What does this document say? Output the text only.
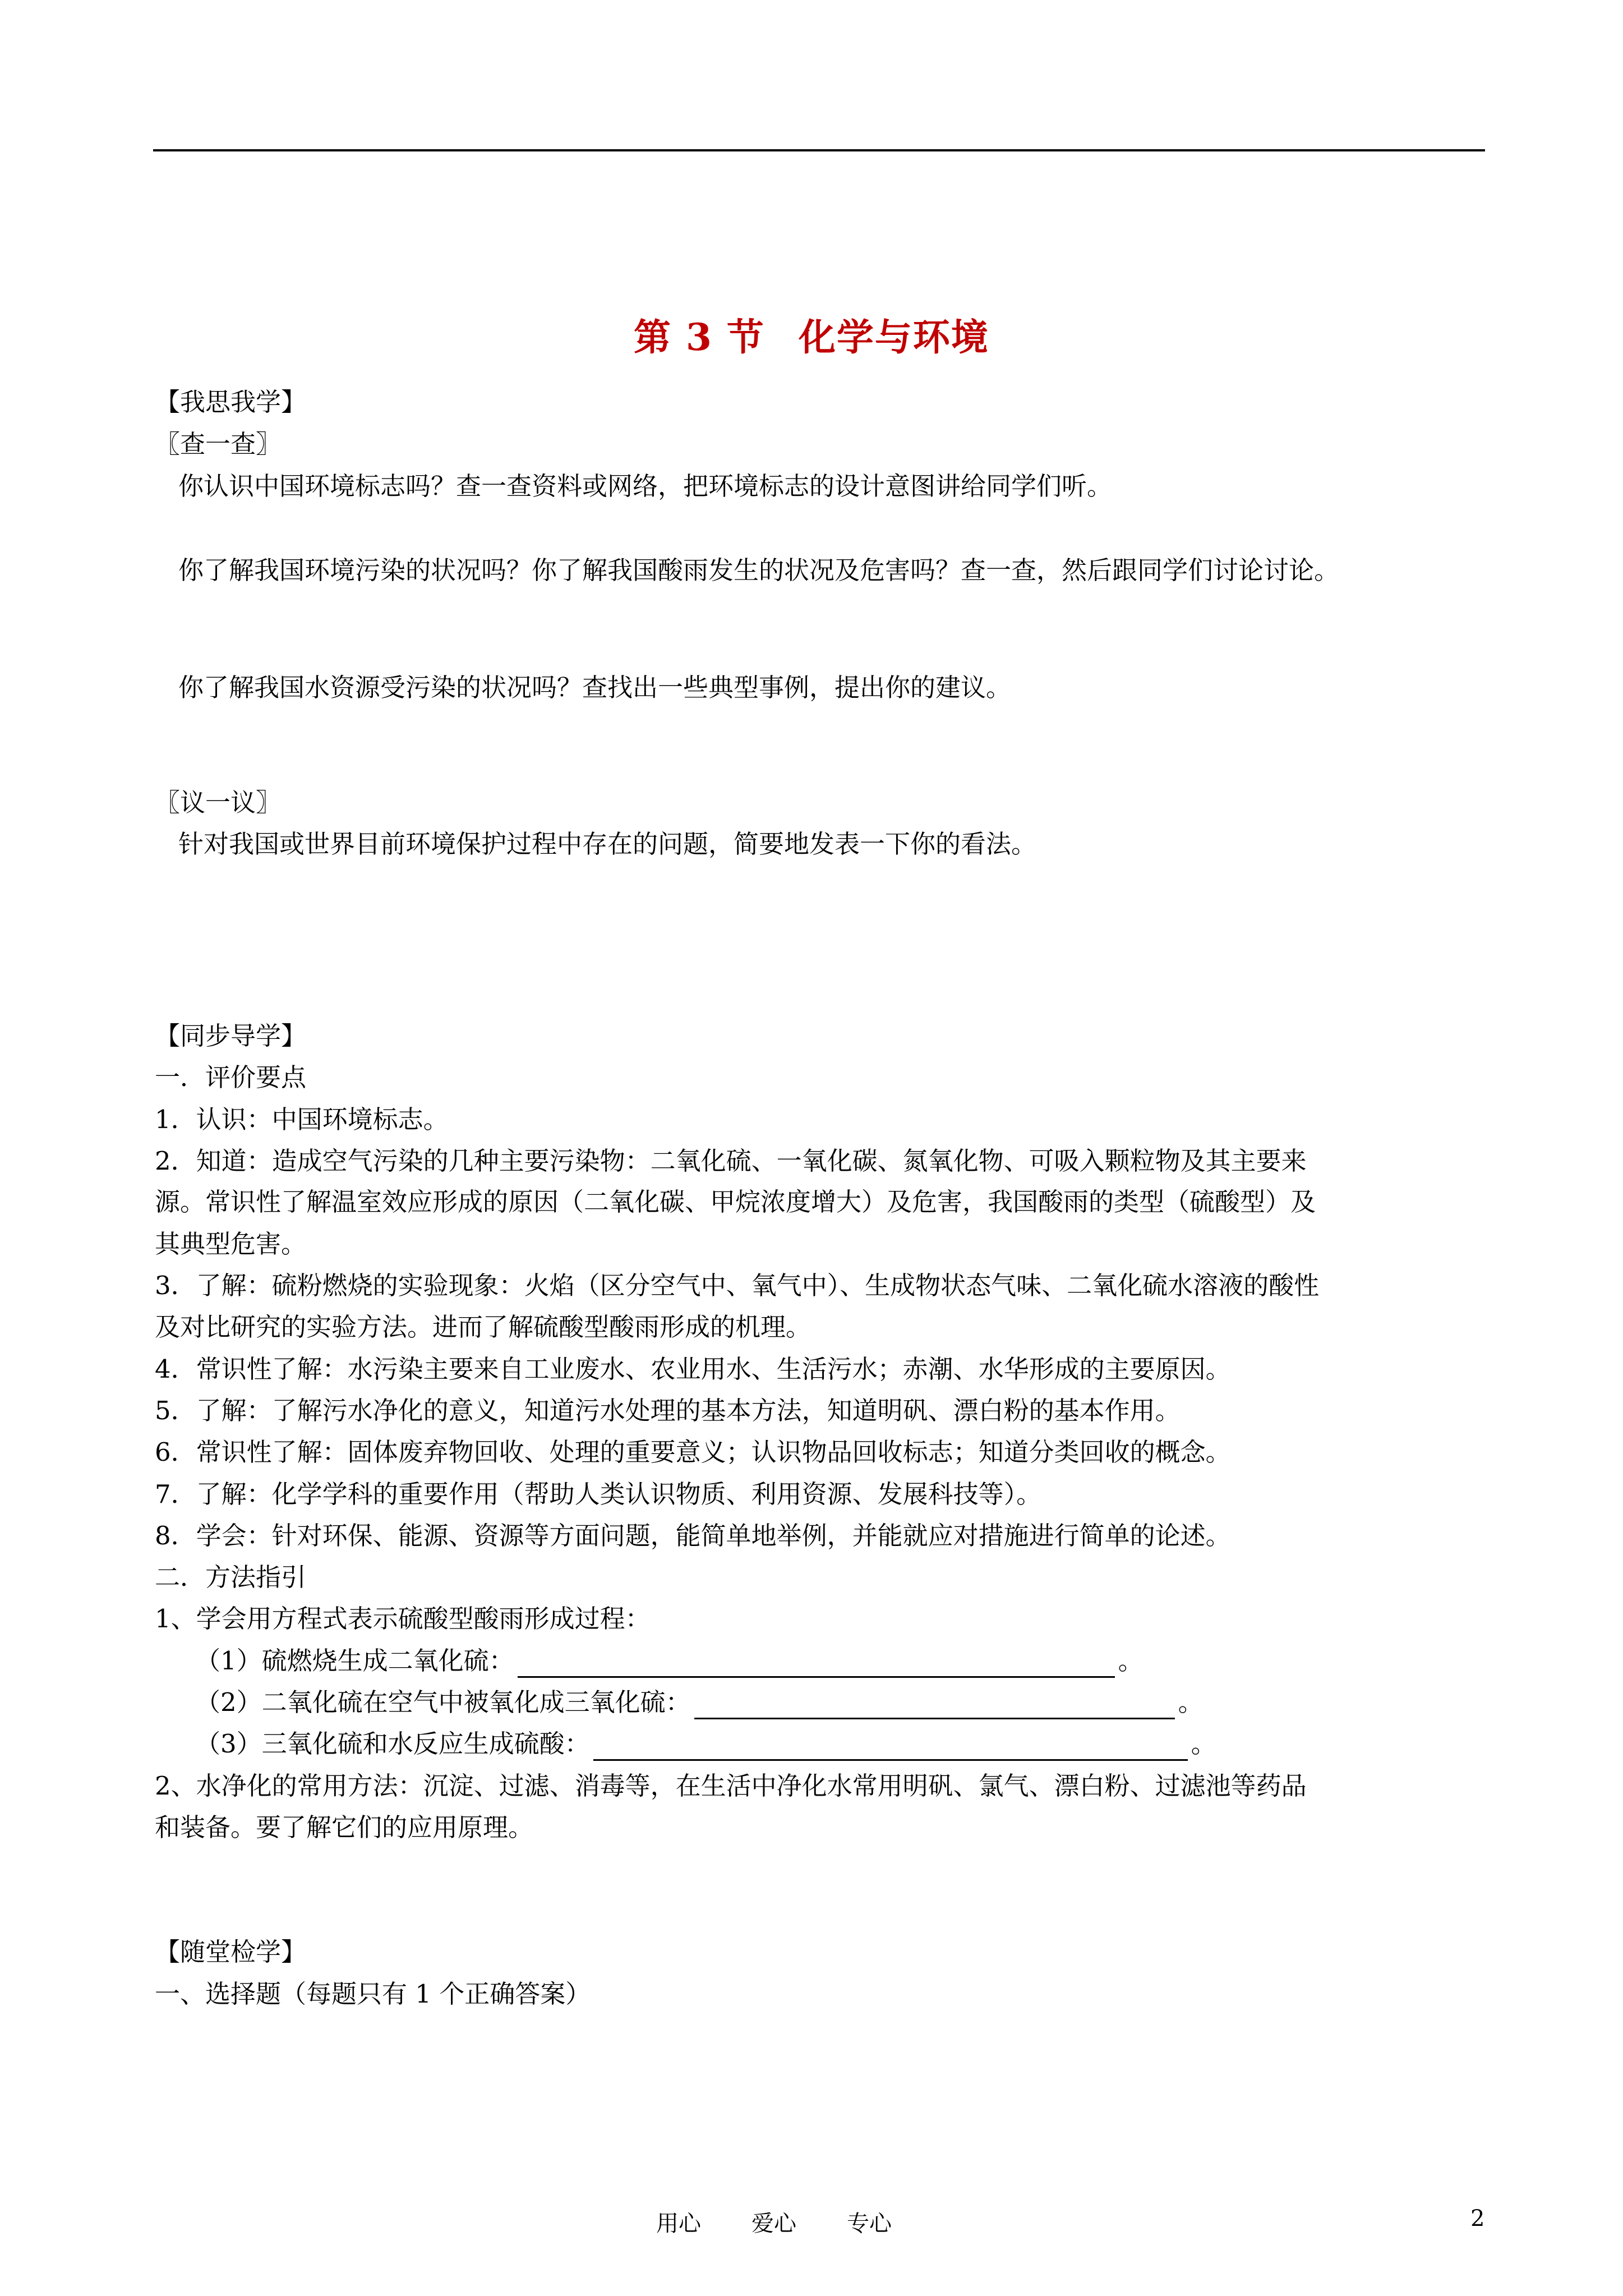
第 3 节 化学与环境
【我思我学】
〖查一查〗
你认识中国环境标志吗？查一查资料或网络，把环境标志的设计意图讲给同学们听。
你了解我国环境污染的状况吗？你了解我国酸雨发生的状况及危害吗？查一查，然后跟同学们讨论讨论。
你了解我国水资源受污染的状况吗？查找出一些典型事例，提出你的建议。
〖议一议〗
针对我国或世界目前环境保护过程中存在的问题，简要地发表一下你的看法。
【同步导学】
一．评价要点
1．认识：中国环境标志。
2．知道：造成空气污染的几种主要污染物：二氧化硫、一氧化碳、氮氧化物、可吸入颗粒物及其主要来
源。常识性了解温室效应形成的原因（二氧化碳、甲烷浓度增大）及危害，我国酸雨的类型（硫酸型）及
其典型危害。
3．了解：硫粉燃烧的实验现象：火焰（区分空气中、氧气中）、生成物状态气味、二氧化硫水溶液的酸性
及对比研究的实验方法。进而了解硫酸型酸雨形成的机理。
4．常识性了解：水污染主要来自工业废水、农业用水、生活污水；赤潮、水华形成的主要原因。
5．了解：了解污水净化的意义，知道污水处理的基本方法，知道明矾、漂白粉的基本作用。
6．常识性了解：固体废弃物回收、处理的重要意义；认识物品回收标志；知道分类回收的概念。
7．了解：化学学科的重要作用（帮助人类认识物质、利用资源、发展科技等）。
8．学会：针对环保、能源、资源等方面问题，能简单地举例，并能就应对措施进行简单的论述。
二．方法指引
1、学会用方程式表示硫酸型酸雨形成过程：
（1）硫燃烧生成二氧化硫：	。
（2）二氧化硫在空气中被氧化成三氧化硫：	。
（3）三氧化硫和水反应生成硫酸：	。
2、水净化的常用方法：沉淀、过滤、消毒等，在生活中净化水常用明矾、氯气、漂白粉、过滤池等药品
和装备。要了解它们的应用原理。
【随堂检学】
一、选择题（每题只有 1 个正确答案）
用心 爱心 专心	2
